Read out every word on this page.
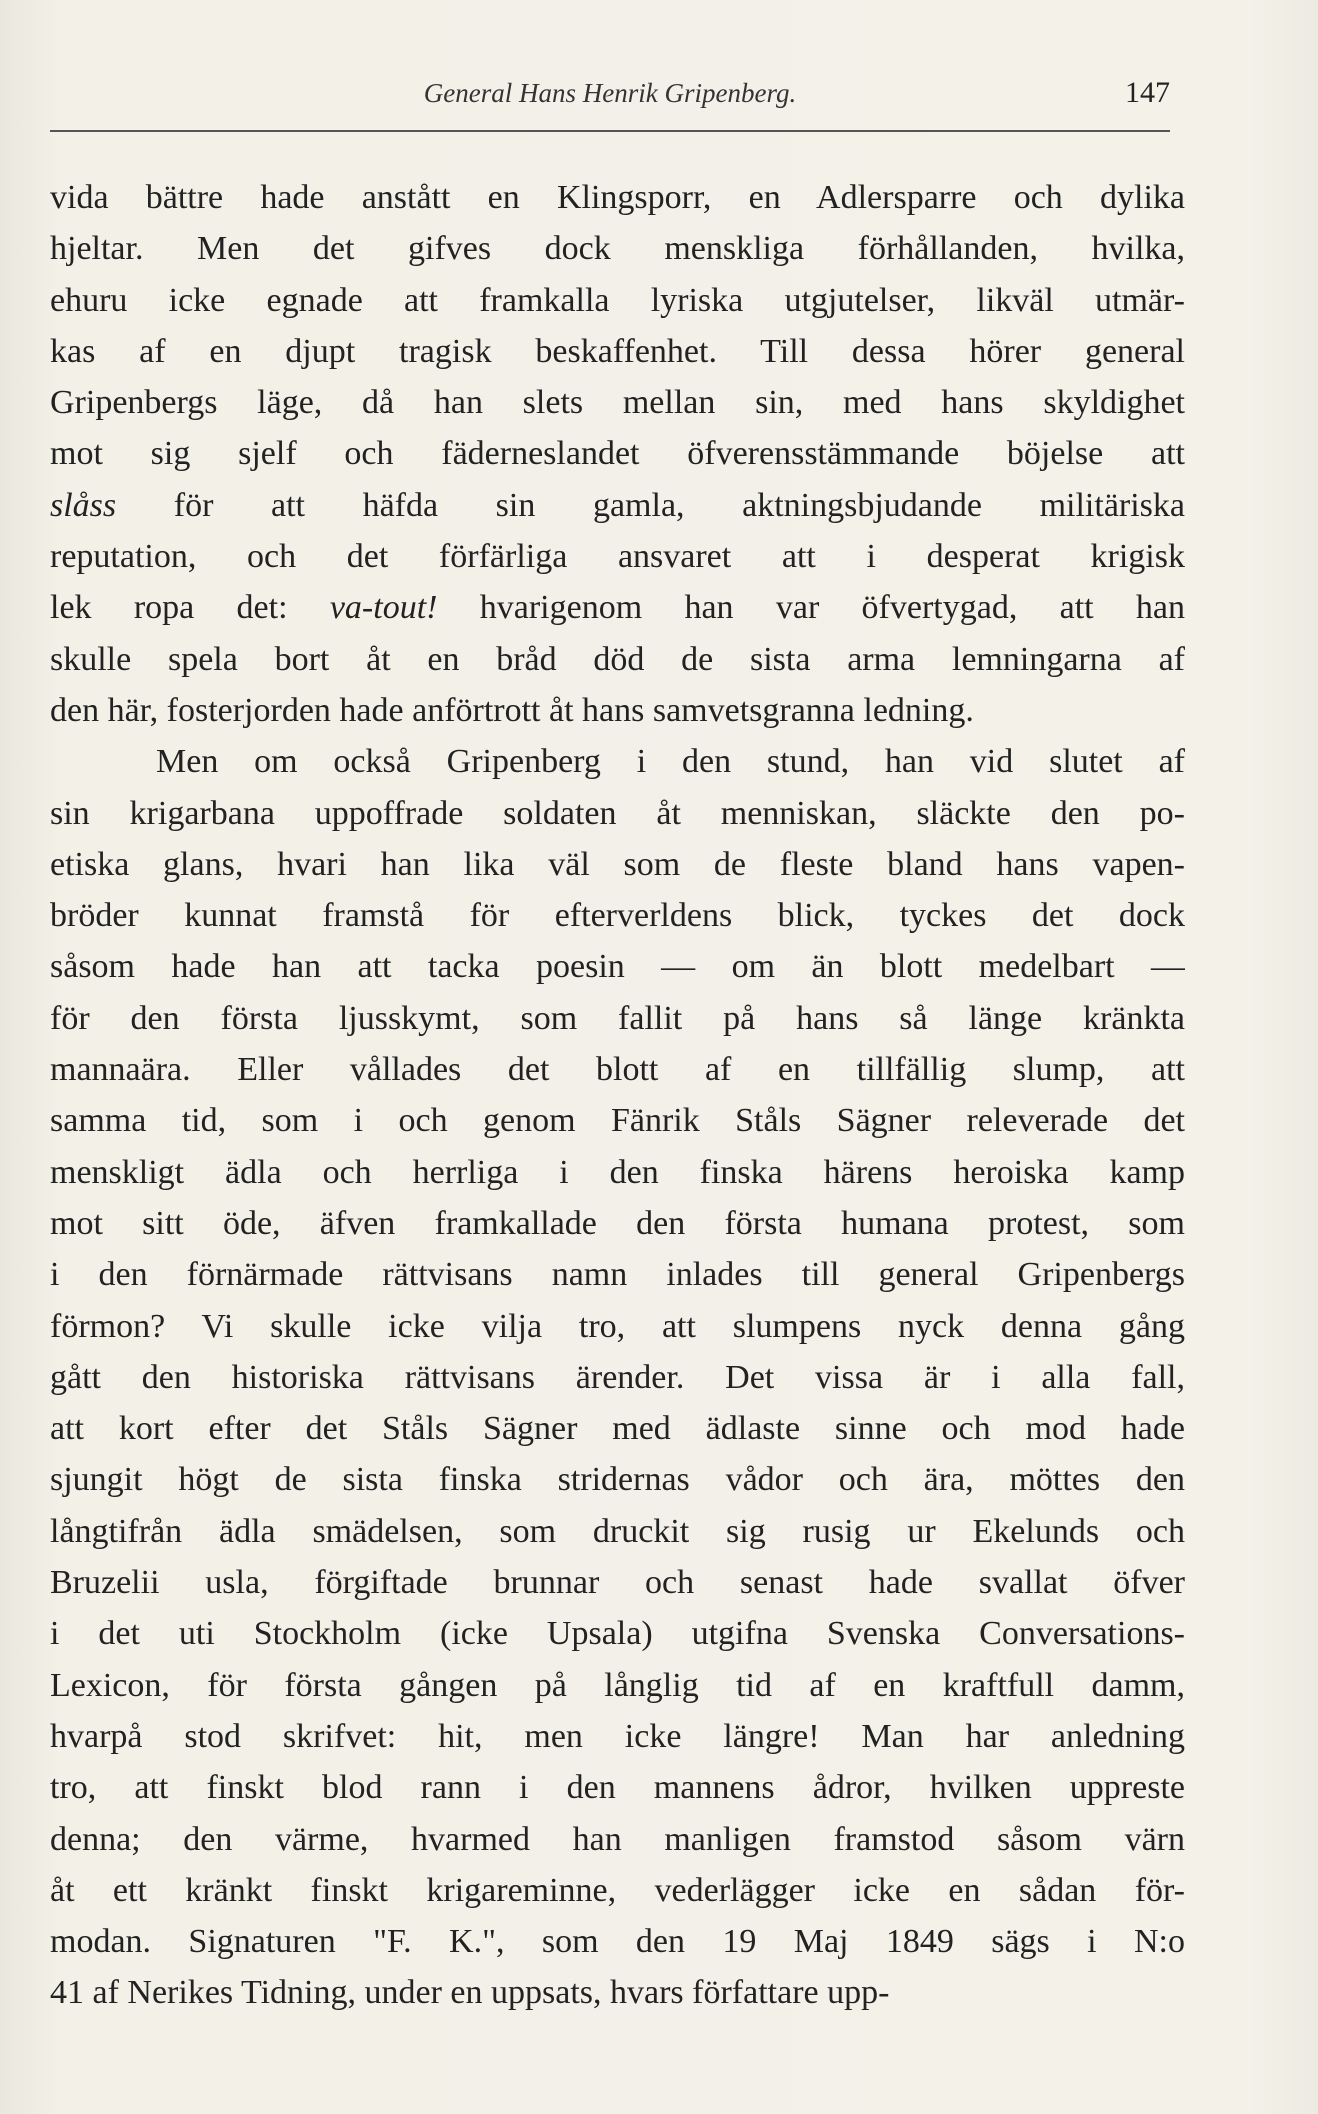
General Hans Henrik Gripenberg.	147
vida bättre hade anstått en Klingsporr, en Adlersparre och dylika
hjeltar. Men det gifves dock menskliga förhållanden, hvilka,
ehuru icke egnade att framkalla lyriska utgjutelser, likväl utmär-
kas af en djupt tragisk beskaffenhet. Till dessa hörer general
Gripenbergs läge, då han slets mellan sin, med hans skyldighet
mot sig sjelf och fäderneslandet öfverensstämmande böjelse att
slåss för att häfda sin gamla, aktningsbjudande militäriska
reputation, och det förfärliga ansvaret att i desperat krigisk
lek ropa det: va-tout! hvarigenom han var öfvertygad, att han
skulle spela bort åt en bråd död de sista arma lemningarna af
den här, fosterjorden hade anförtrott åt hans samvetsgranna ledning.
Men om också Gripenberg i den stund, han vid slutet af
sin krigarbana uppoffrade soldaten åt menniskan, släckte den po-
etiska glans, hvari han lika väl som de fleste bland hans vapen-
bröder kunnat framstå för efterverldens blick, tyckes det dock
såsom hade han att tacka poesin — om än blott medelbart —
för den första ljusskymt, som fallit på hans så länge kränkta
mannaära. Eller vållades det blott af en tillfällig slump, att
samma tid, som i och genom Fänrik Ståls Sägner releverade det
menskligt ädla och herrliga i den finska härens heroiska kamp
mot sitt öde, äfven framkallade den första humana protest, som
i den förnärmade rättvisans namn inlades till general Gripenbergs
förmon? Vi skulle icke vilja tro, att slumpens nyck denna gång
gått den historiska rättvisans ärender. Det vissa är i alla fall,
att kort efter det Ståls Sägner med ädlaste sinne och mod hade
sjungit högt de sista finska stridernas vådor och ära, möttes den
långtifrån ädla smädelsen, som druckit sig rusig ur Ekelunds och
Bruzelii usla, förgiftade brunnar och senast hade svallat öfver
i det uti Stockholm (icke Upsala) utgifna Svenska Conversations-
Lexicon, för första gången på långlig tid af en kraftfull damm,
hvarpå stod skrifvet: hit, men icke längre! Man har anledning
tro, att finskt blod rann i den mannens ådror, hvilken uppreste
denna; den värme, hvarmed han manligen framstod såsom värn
åt ett kränkt finskt krigareminne, vederlägger icke en sådan för-
modan. Signaturen "F. K.", som den 19 Maj 1849 sägs i N:o
41 af Nerikes Tidning, under en uppsats, hvars författare upp-
